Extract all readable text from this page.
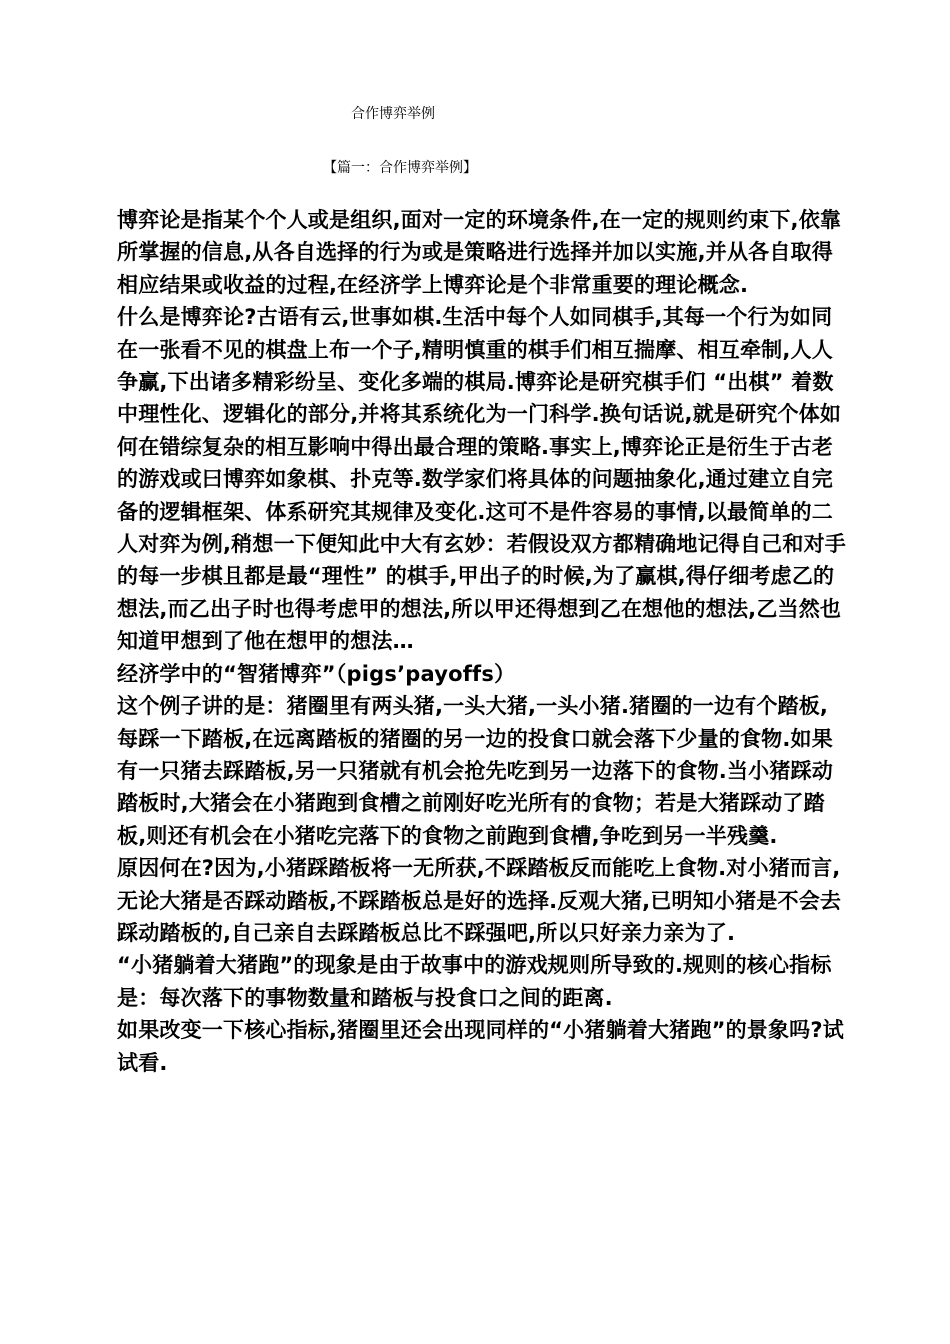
合作博弈举例
【篇一：合作博弈举例】

博弈论是指某个个人或是组织,面对一定的环境条件,在一定的规则约束下,依靠所掌握的信息,从各自选择的行为或是策略进行选择并加以实施,并从各自取得相应结果或收益的过程,在经济学上博弈论是个非常重要的理论概念.

什么是博弈论?古语有云,世事如棋.生活中每个人如同棋手,其每一个行为如同在一张看不见的棋盘上布一个子,精明慎重的棋手们相互揣摩、相互牵制,人人争赢,下出诸多精彩纷呈、变化多端的棋局.博弈论是研究棋手们 “出棋” 着数中理性化、逻辑化的部分,并将其系统化为一门科学.换句话说,就是研究个体如何在错综复杂的相互影响中得出最合理的策略.事实上,博弈论正是衍生于古老的游戏或曰博弈如象棋、扑克等.数学家们将具体的问题抽象化,通过建立自完备的逻辑框架、体系研究其规律及变化.这可不是件容易的事情,以最简单的二人对弈为例,稍想一下便知此中大有玄妙：若假设双方都精确地记得自己和对手的每一步棋且都是最“理性” 的棋手,甲出子的时候,为了赢棋,得仔细考虑乙的想法,而乙出子时也得考虑甲的想法,所以甲还得想到乙在想他的想法,乙当然也知道甲想到了他在想甲的想法…

经济学中的“智猪博弈”（pigs’payoffs）

这个例子讲的是：猪圈里有两头猪,一头大猪,一头小猪.猪圈的一边有个踏板,每踩一下踏板,在远离踏板的猪圈的另一边的投食口就会落下少量的食物.如果有一只猪去踩踏板,另一只猪就有机会抢先吃到另一边落下的食物.当小猪踩动踏板时,大猪会在小猪跑到食槽之前刚好吃光所有的食物；若是大猪踩动了踏板,则还有机会在小猪吃完落下的食物之前跑到食槽,争吃到另一半残羹.

原因何在?因为,小猪踩踏板将一无所获,不踩踏板反而能吃上食物.对小猪而言,无论大猪是否踩动踏板,不踩踏板总是好的选择.反观大猪,已明知小猪是不会去踩动踏板的,自己亲自去踩踏板总比不踩强吧,所以只好亲力亲为了.

“小猪躺着大猪跑”的现象是由于故事中的游戏规则所导致的.规则的核心指标是：每次落下的事物数量和踏板与投食口之间的距离.

如果改变一下核心指标,猪圈里还会出现同样的“小猪躺着大猪跑”的景象吗?试试看.
